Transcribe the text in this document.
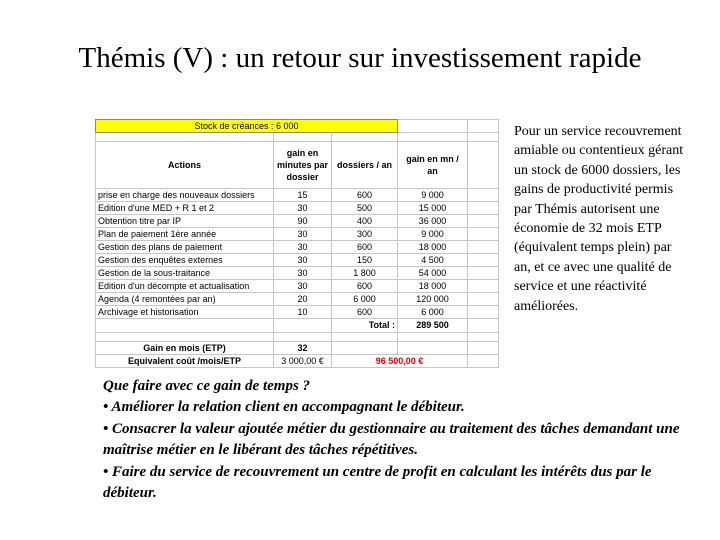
Thémis (V) : un retour sur investissement rapide
Stock de créances : 6 000				

Actions	gain en minutes par dossier	dossiers / an	gain en mn / an	
prise en charge des nouveaux dossiers	15	600	9 000	
Edition d'une MED + R 1 et 2	30	500	15 000	
Obtention titre par IP	90	400	36 000	
Plan de paiement 1ère année	30	300	9 000	
Gestion des plans de paiement	30	600	18 000	
Gestion des enquêtes externes	30	150	4 500	
Gestion de la sous-traitance	30	1 800	54 000	
Edition d'un décompte et actualisation	30	600	18 000	
Agenda (4 remontées par an)	20	6 000	120 000	
Archivage et historisation	10	600	6 000	
		Total :	289 500	

Gain en mois (ETP)	32			
Equivalent coût /mois/ETP	3 000,00 €	96 500,00 €		
Pour un service recouvrement amiable ou contentieux gérant un stock de 6000 dossiers, les gains de productivité permis par Thémis autorisent une économie de 32 mois ETP (équivalent temps plein) par an, et ce avec une qualité de service et une réactivité améliorées.
Que faire avec ce gain de temps ?
• Améliorer la relation client en accompagnant le débiteur.
• Consacrer la valeur ajoutée métier du gestionnaire au traitement des tâches demandant une maîtrise métier en le libérant des tâches répétitives.
• Faire du service de recouvrement un centre de profit en calculant les intérêts dus par le débiteur.
